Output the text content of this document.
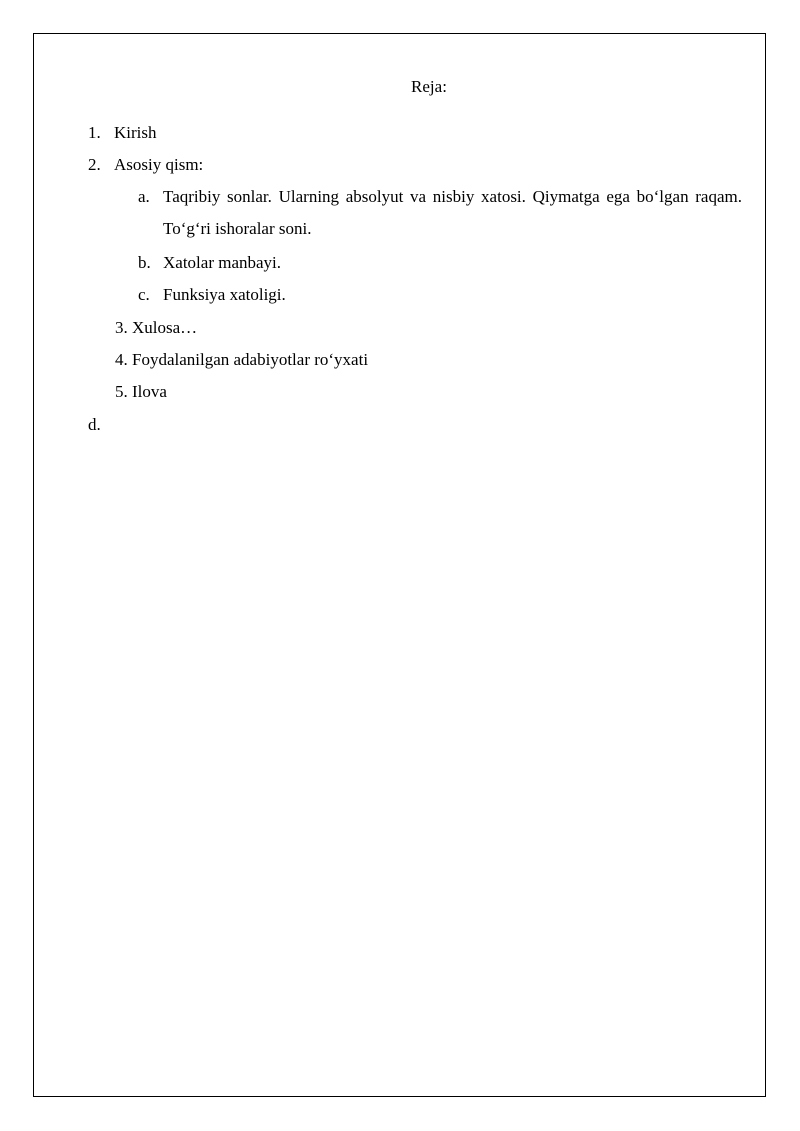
Reja:
1. Kirish
2. Asosiy qism:
a. Taqribiy sonlar. Ularning absolyut va nisbiy xatosi. Qiymatga ega bo‘lgan raqam. To‘g‘ri ishoralar soni.
b. Xatolar manbayi.
c. Funksiya xatoligi.
3. Xulosa…
4. Foydalanilgan adabiyotlar ro‘yxati
5. Ilova
d.
